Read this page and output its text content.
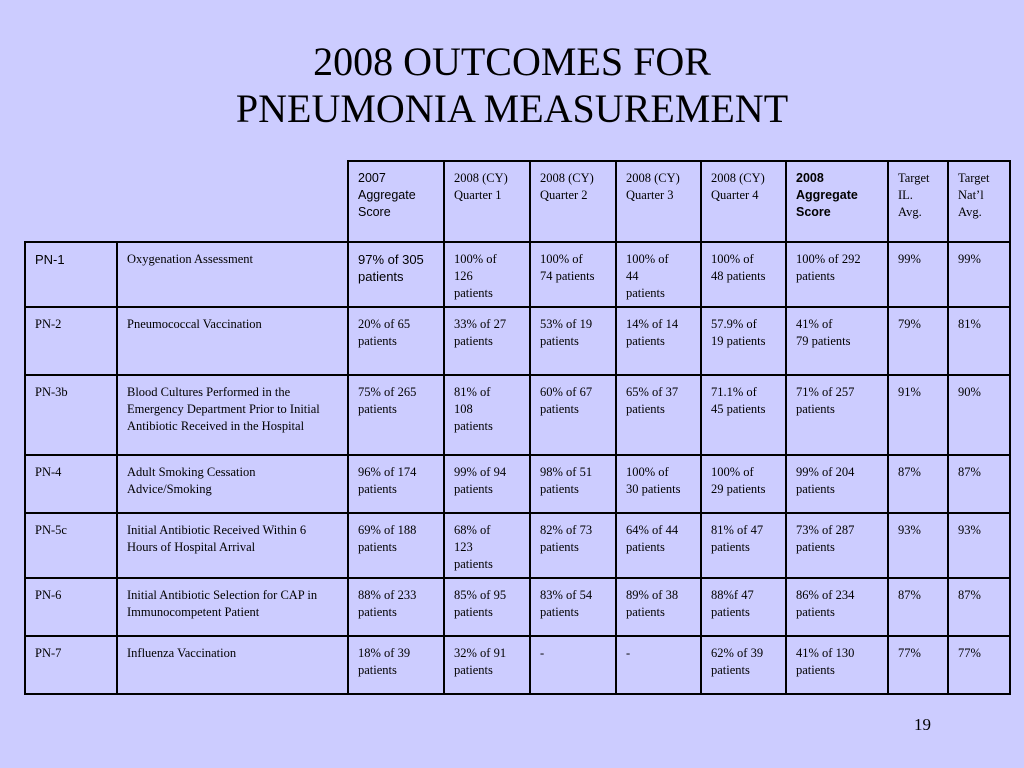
2008 OUTCOMES FOR
PNEUMONIA MEASUREMENT
		2007
Aggregate
Score	2008 (CY)
Quarter 1	2008 (CY)
Quarter 2	2008 (CY)
Quarter 3	2008 (CY)
Quarter 4	2008
Aggregate
Score	Target
IL.
Avg.	Target
Nat’l
Avg.
PN-1	Oxygenation Assessment	97% of 305
patients	100% of
126
patients	100% of
74 patients	100% of
44
patients	100% of
48 patients	100% of 292
patients	99%	99%
PN-2	Pneumococcal Vaccination	20% of 65
patients	33% of 27
patients	53% of 19
patients	14% of 14
patients	57.9% of
19 patients	41% of
79 patients	79%	81%
PN-3b	Blood Cultures Performed in the Emergency Department Prior to Initial Antibiotic Received in the Hospital	75% of 265
patients	81% of
108
patients	60% of 67
patients	65% of 37
patients	71.1% of
45 patients	71% of 257
patients	91%	90%
PN-4	Adult Smoking Cessation Advice/Smoking	96% of 174
patients	99% of 94
patients	98% of 51
patients	100% of
30 patients	100% of
29 patients	99% of 204
patients	87%	87%
PN-5c	Initial Antibiotic Received Within 6 Hours of Hospital Arrival	69% of 188
patients	68% of
123
patients	82% of 73
patients	64% of 44
patients	81% of 47
patients	73% of 287
patients	93%	93%
PN-6	Initial Antibiotic Selection for CAP in Immunocompetent Patient	88% of 233
patients	85% of 95
patients	83% of 54
patients	89% of 38
patients	88%f 47
patients	86% of 234
patients	87%	87%
PN-7	Influenza Vaccination	18% of 39
patients	32% of 91
patients	-	-	62% of 39
patients	41% of 130
patients	77%	77%
19
